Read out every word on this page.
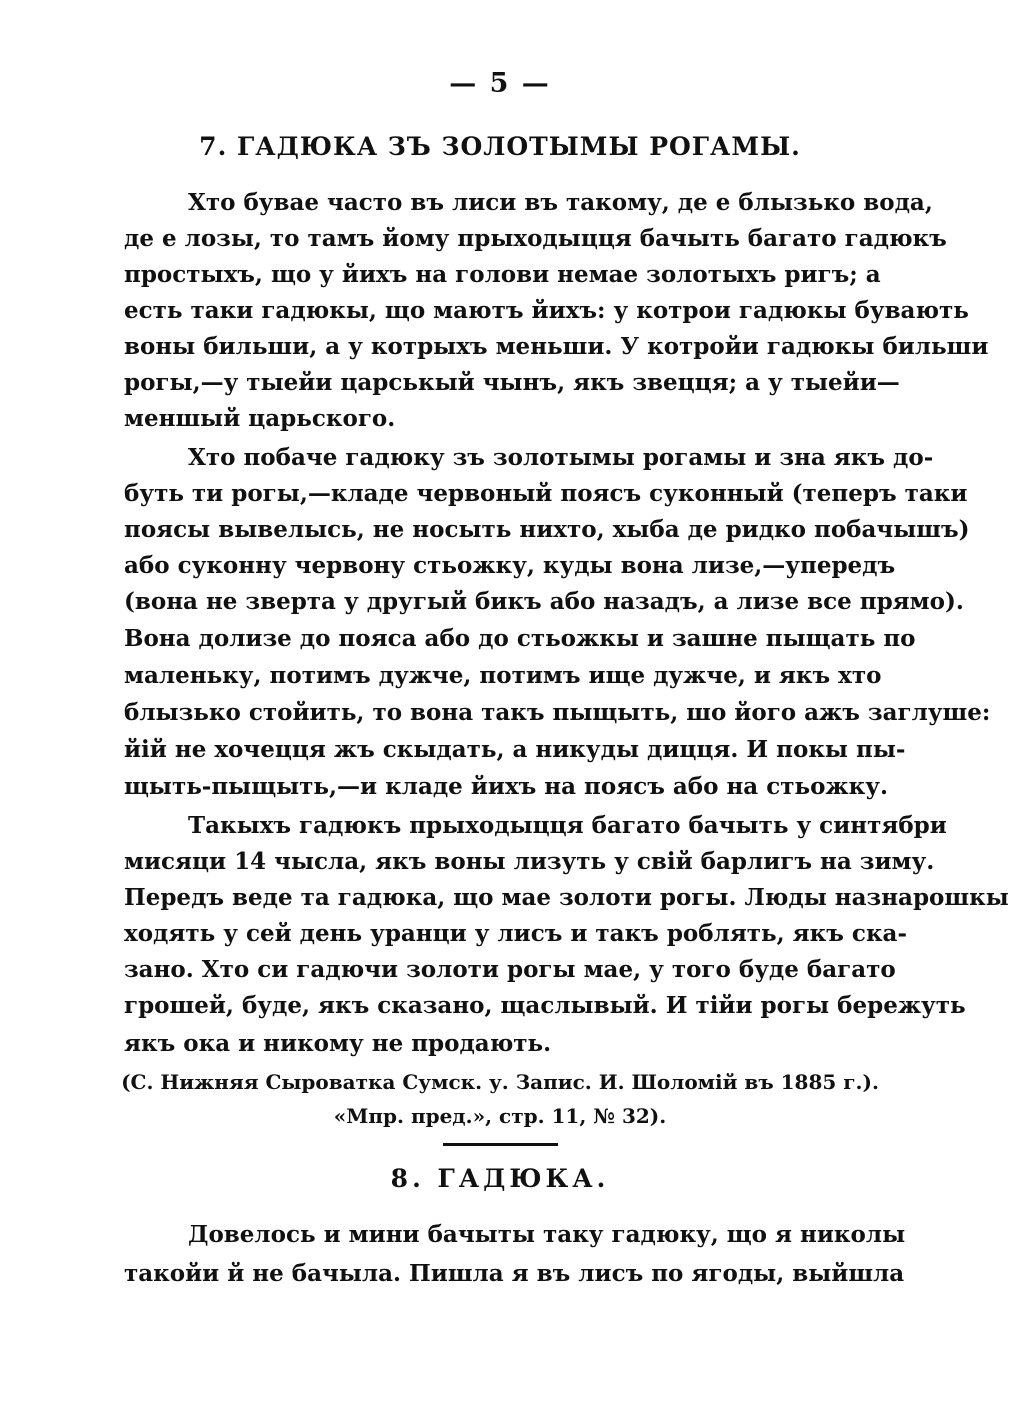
— 5 —
7. ГАДЮКА ЗЪ ЗОЛОТЫМЫ РОГАМЫ.
Хто бувае часто въ лиси въ такому, де е блызько вода,
де е лозы, то тамъ йому прыходыцця бачыть багато гадюкъ
простыхъ, що у йихъ на голови немае золотыхъ ригъ; а
есть таки гадюкы, що маютъ йихъ: у котрои гадюкы бувають
воны бильши, а у котрыхъ меньши. У котройи гадюкы бильши
рогы,—у тыейи царськый чынъ, якъ звецця; а у тыейи—
меншый царьского.
Хто побаче гадюку зъ золотымы рогамы и зна якъ до-
буть ти рогы,—кладе червоный поясъ суконный (теперъ таки
поясы вывелысь, не носыть нихто, хыба де ридко побачышъ)
або суконну червону стьожку, куды вона лизе,—упередъ
(вона не зверта у другый бикъ або назадъ, а лизе все прямо).
Вона долизе до пояса або до стьожкы и зашне пыщать по
маленьку, потимъ дужче, потимъ ище дужче, и якъ хто
блызько стойить, то вона такъ пыщыть, шо його ажъ заглуше:
йій не хочецця жъ скыдать, а никуды дицця. И покы пы-
щыть-пыщыть,—и кладе йихъ на поясъ або на стьожку.
Такыхъ гадюкъ прыходыцця багато бачыть у синтябри
мисяци 14 чысла, якъ воны лизуть у свій барлигъ на зиму.
Передъ веде та гадюка, що мае золоти рогы. Люды назнарошкы
ходять у сей день уранци у лисъ и такъ роблять, якъ ска-
зано. Хто си гадючи золоти рогы мае, у того буде багато
грошей, буде, якъ сказано, щаслывый. И тійи рогы бережуть
якъ ока и никому не продають.
(С. Нижняя Сыроватка Сумск. у. Запис. И. Шоломій въ 1885 г.).
«Мпр. пред.», стр. 11, № 32).
8. ГАДЮКА.
Довелось и мини бачыты таку гадюку, що я николы
такойи й не бачыла. Пишла я въ лисъ по ягоды, выйшла
